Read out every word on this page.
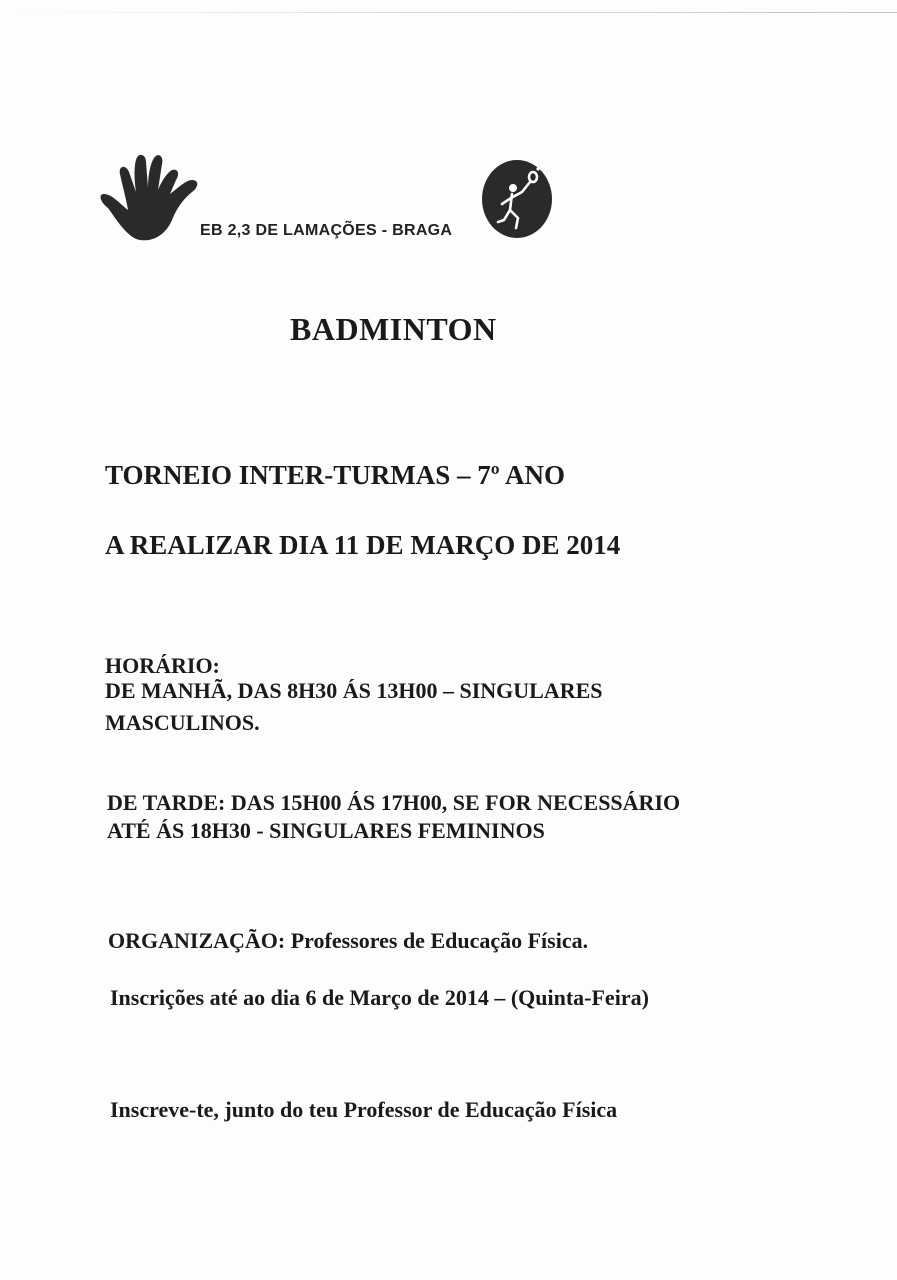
EB 2,3 DE LAMAÇÕES - BRAGA
BADMINTON
TORNEIO INTER-TURMAS – 7º ANO
A REALIZAR DIA 11 DE MARÇO DE 2014
HORÁRIO:
DE MANHÃ, DAS 8H30 ÁS 13H00 – SINGULARES
MASCULINOS.
DE TARDE: DAS 15H00 ÁS 17H00, SE FOR NECESSÁRIO
ATÉ ÁS 18H30 - SINGULARES FEMININOS
ORGANIZAÇÃO: Professores de Educação Física.
Inscrições até ao dia 6 de Março de 2014 – (Quinta-Feira)
Inscreve-te, junto do teu Professor de Educação Física
